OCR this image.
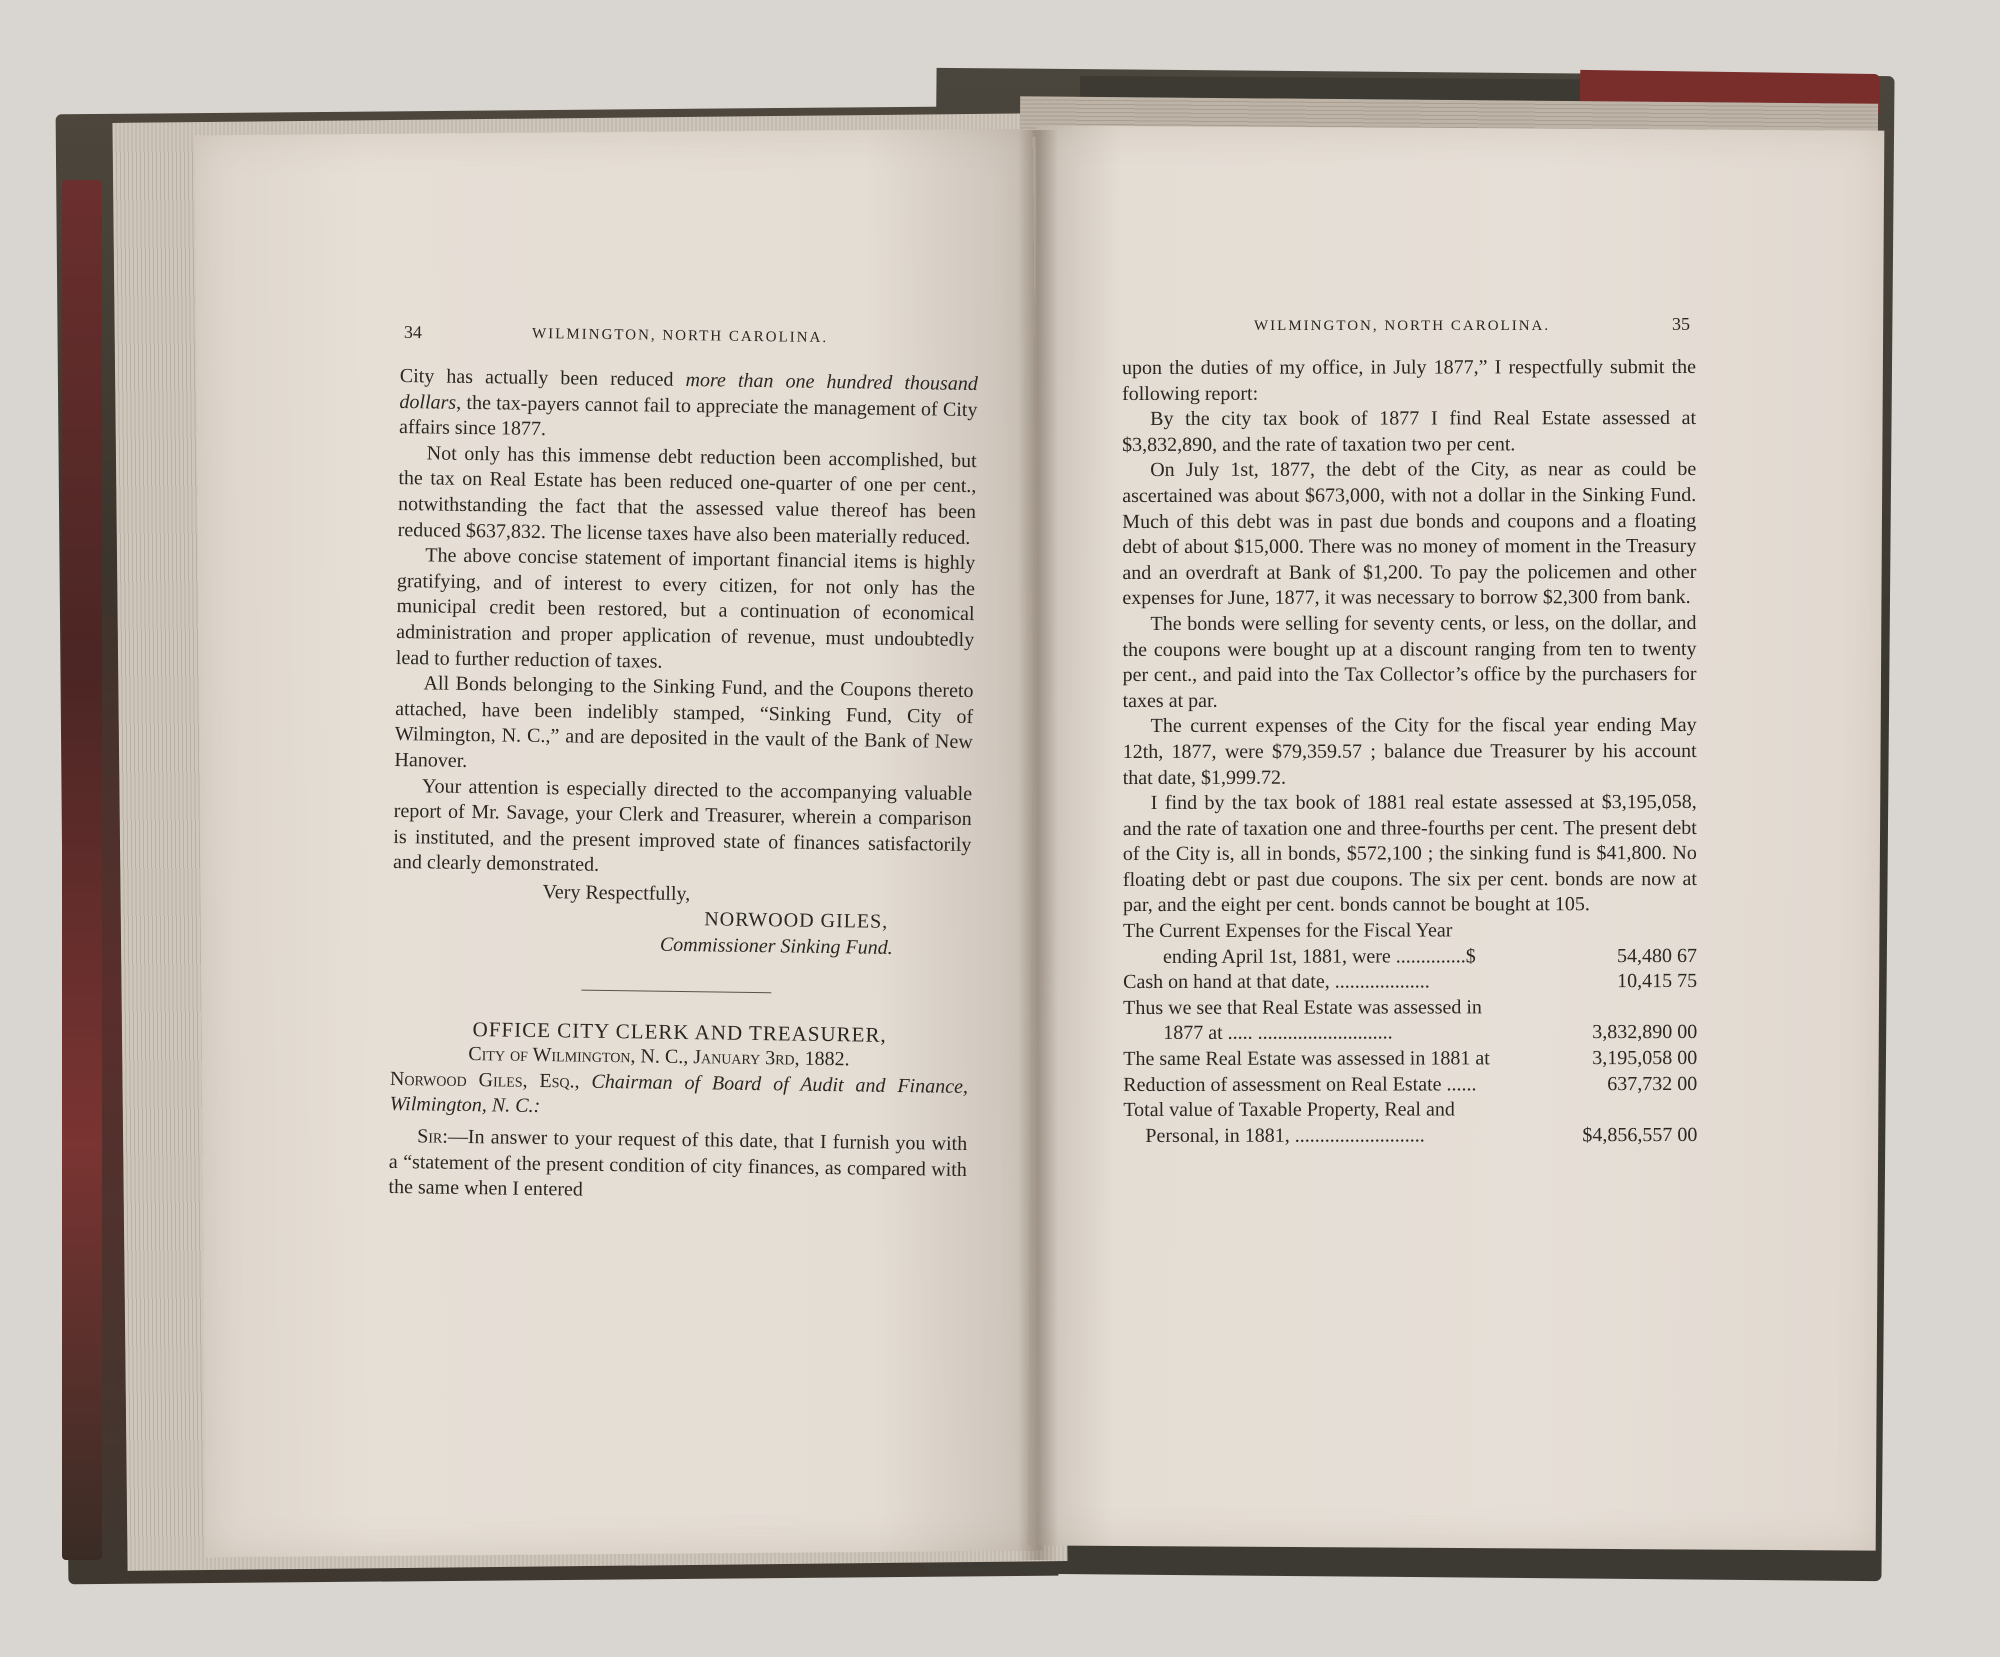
34	WILMINGTON, NORTH CAROLINA.	WILMINGTON, NORTH CAROLINA.	35

City has actually been reduced more than one hundred thousand dollars, the tax-payers cannot fail to appreciate the management of City affairs since 1877.

Not only has this immense debt reduction been accomplished, but the tax on Real Estate has been reduced one-quarter of one per cent., notwithstanding the fact that the assessed value thereof has been reduced $637,832. The license taxes have also been materially reduced.

The above concise statement of important financial items is highly gratifying, and of interest to every citizen, for not only has the municipal credit been restored, but a continuation of economical administration and proper application of revenue, must undoubtedly lead to further reduction of taxes.

All Bonds belonging to the Sinking Fund, and the Coupons thereto attached, have been indelibly stamped, “Sinking Fund, City of Wilmington, N. C.,” and are deposited in the vault of the Bank of New Hanover.

Your attention is especially directed to the accompanying valuable report of Mr. Savage, your Clerk and Treasurer, wherein a comparison is instituted, and the present improved state of finances satisfactorily and clearly demonstrated.

Very Respectfully,
NORWOOD GILES,
Commissioner Sinking Fund.

OFFICE CITY CLERK AND TREASURER,

City of Wilmington, N. C., January 3rd, 1882.

Norwood Giles, Esq., Chairman of Board of Audit and Finance, Wilmington, N. C.:

Sir:—In answer to your request of this date, that I furnish you with a “statement of the present condition of city finances, as compared with the same when I entered

upon the duties of my office, in July 1877,” I respectfully submit the following report:

By the city tax book of 1877 I find Real Estate assessed at $3,832,890, and the rate of taxation two per cent.

On July 1st, 1877, the debt of the City, as near as could be ascertained was about $673,000, with not a dollar in the Sinking Fund. Much of this debt was in past due bonds and coupons and a floating debt of about $15,000. There was no money of moment in the Treasury and an overdraft at Bank of $1,200. To pay the policemen and other expenses for June, 1877, it was necessary to borrow $2,300 from bank.

The bonds were selling for seventy cents, or less, on the dollar, and the coupons were bought up at a discount ranging from ten to twenty per cent., and paid into the Tax Collector’s office by the purchasers for taxes at par.

The current expenses of the City for the fiscal year ending May 12th, 1877, were $79,359.57 ; balance due Treasurer by his account that date, $1,999.72.

I find by the tax book of 1881 real estate assessed at $3,195,058, and the rate of taxation one and three-fourths per cent. The present debt of the City is, all in bonds, $572,100 ; the sinking fund is $41,800. No floating debt or past due coupons. The six per cent. bonds are now at par, and the eight per cent. bonds cannot be bought at 105.

The Current Expenses for the Fiscal Year
ending April 1st, 1881, were ..............$	54,480 67
Cash on hand at that date, ...................	10,415 75
Thus we see that Real Estate was assessed in
1877 at ..... ...........................	3,832,890 00
The same Real Estate was assessed in 1881 at	3,195,058 00
Reduction of assessment on Real Estate ......	637,732 00
Total value of Taxable Property, Real and
Personal, in 1881, ..........................	$4,856,557 00
